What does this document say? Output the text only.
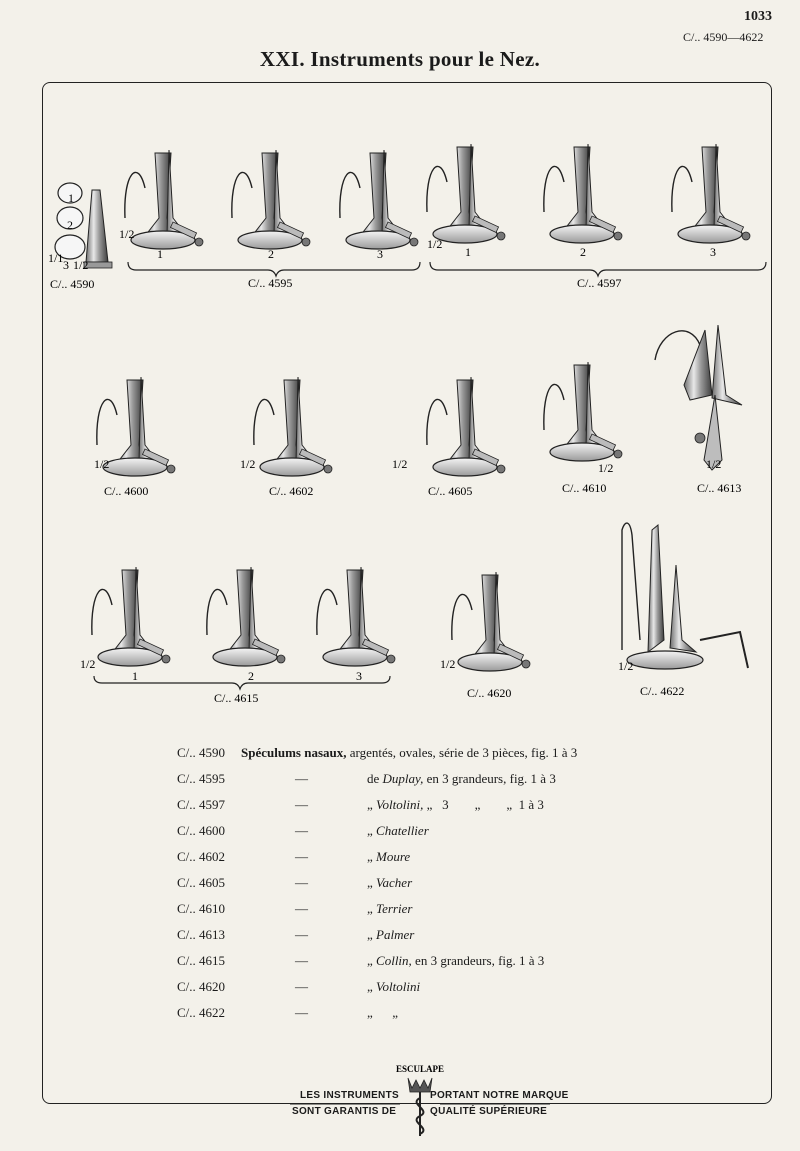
1033
C/.. 4590—4622
XXI. Instruments pour le Nez.
1
2
3
1/1 1/2
C/.. 4590
1	2	3
1/2
C/.. 4595
1	2	3
1/2
C/.. 4597
1/2	1/2	1/2	1/2	1/2
C/.. 4600	C/.. 4602	C/.. 4605	C/.. 4610	C/.. 4613
1	2	3
1/2
C/.. 4615
1/2
C/.. 4620
1/2
C/.. 4622
C/.. 4590 Spéculums nasaux, argentés, ovales, série de 3 pièces, fig. 1 à 3
C/.. 4595	—	de Duplay, en 3 grandeurs, fig. 1 à 3
C/.. 4597	—	„ Voltolini, „   3        „        „  1 à 3
C/.. 4600	—	„ Chatellier
C/.. 4602	—	„ Moure
C/.. 4605	—	„ Vacher
C/.. 4610	—	„ Terrier
C/.. 4613	—	„ Palmer
C/.. 4615	—	„ Collin, en 3 grandeurs, fig. 1 à 3
C/.. 4620	—	„ Voltolini
C/.. 4622	—	„      „
ESCULAPE
LES INSTRUMENTS	PORTANT NOTRE MARQUE
SONT GARANTIS DE	QUALITÉ SUPÉRIEURE
